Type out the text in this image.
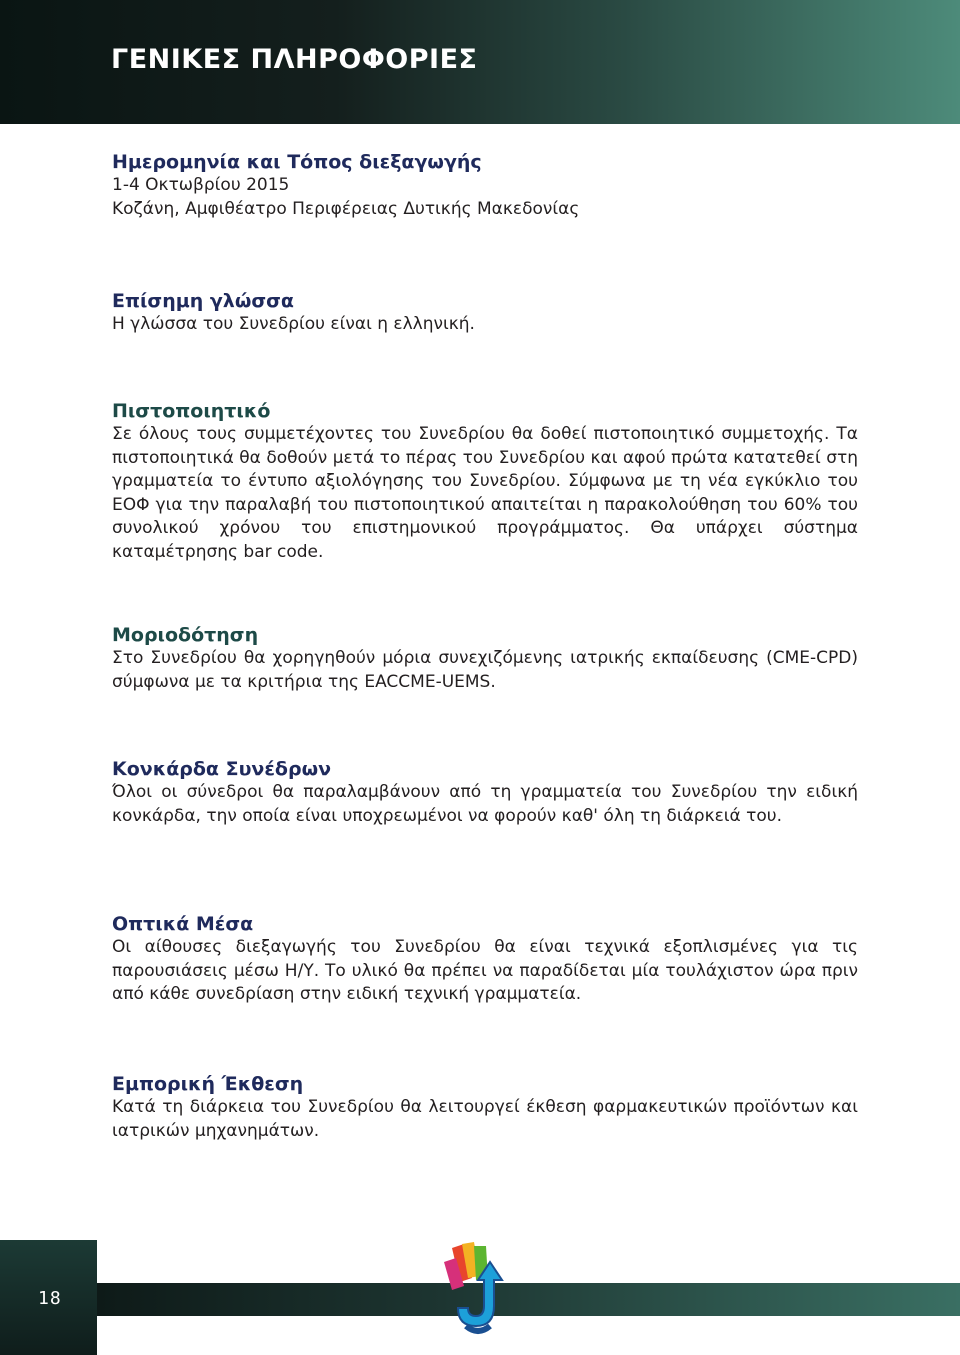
ΓΕΝΙΚΕΣ ΠΛΗΡΟΦΟΡΙΕΣ
Ημερομηνία και Τόπος διεξαγωγής

1-4 Οκτωβρίου 2015

Κοζάνη, Αμφιθέατρο Περιφέρειας Δυτικής Μακεδονίας

Επίσημη γλώσσα

Η γλώσσα του Συνεδρίου είναι η ελληνική.

Πιστοποιητικό

Σε όλους τους συμμετέχοντες του Συνεδρίου θα δοθεί πιστοποιητικό συμμετοχής. Τα πιστοποιητικά θα δοθούν μετά το πέρας του Συνεδρίου και αφού πρώτα κατατεθεί στη γραμματεία το έντυπο αξιολόγησης του Συνεδρίου. Σύμφωνα με τη νέα εγκύκλιο του ΕΟΦ για την παραλαβή του πιστοποιητικού απαιτείται η παρακολούθηση του 60% του συνολικού χρόνου του επιστημονικού προγράμματος. Θα υπάρχει σύστημα καταμέτρησης bar code.

Μοριοδότηση

Στο Συνεδρίου θα χορηγηθούν μόρια συνεχιζόμενης ιατρικής εκπαίδευσης (CME-CPD) σύμφωνα με τα κριτήρια της EACCME-UEMS.

Κονκάρδα Συνέδρων

Όλοι οι σύνεδροι θα παραλαμβάνουν από τη γραμματεία του Συνεδρίου την ειδική κονκάρδα, την οποία είναι υποχρεωμένοι να φορούν καθ' όλη τη διάρκειά του.

Οπτικά Μέσα

Οι αίθουσες διεξαγωγής του Συνεδρίου θα είναι τεχνικά εξοπλισμένες για τις παρουσιάσεις μέσω Η/Υ. Το υλικό θα πρέπει να παραδίδεται μία τουλάχιστον ώρα πριν από κάθε συνεδρίαση στην ειδική τεχνική γραμματεία.

Εμπορική Έκθεση

Κατά τη διάρκεια του Συνεδρίου θα λειτουργεί έκθεση φαρμακευτικών προϊόντων και ιατρικών μηχανημάτων.

18
